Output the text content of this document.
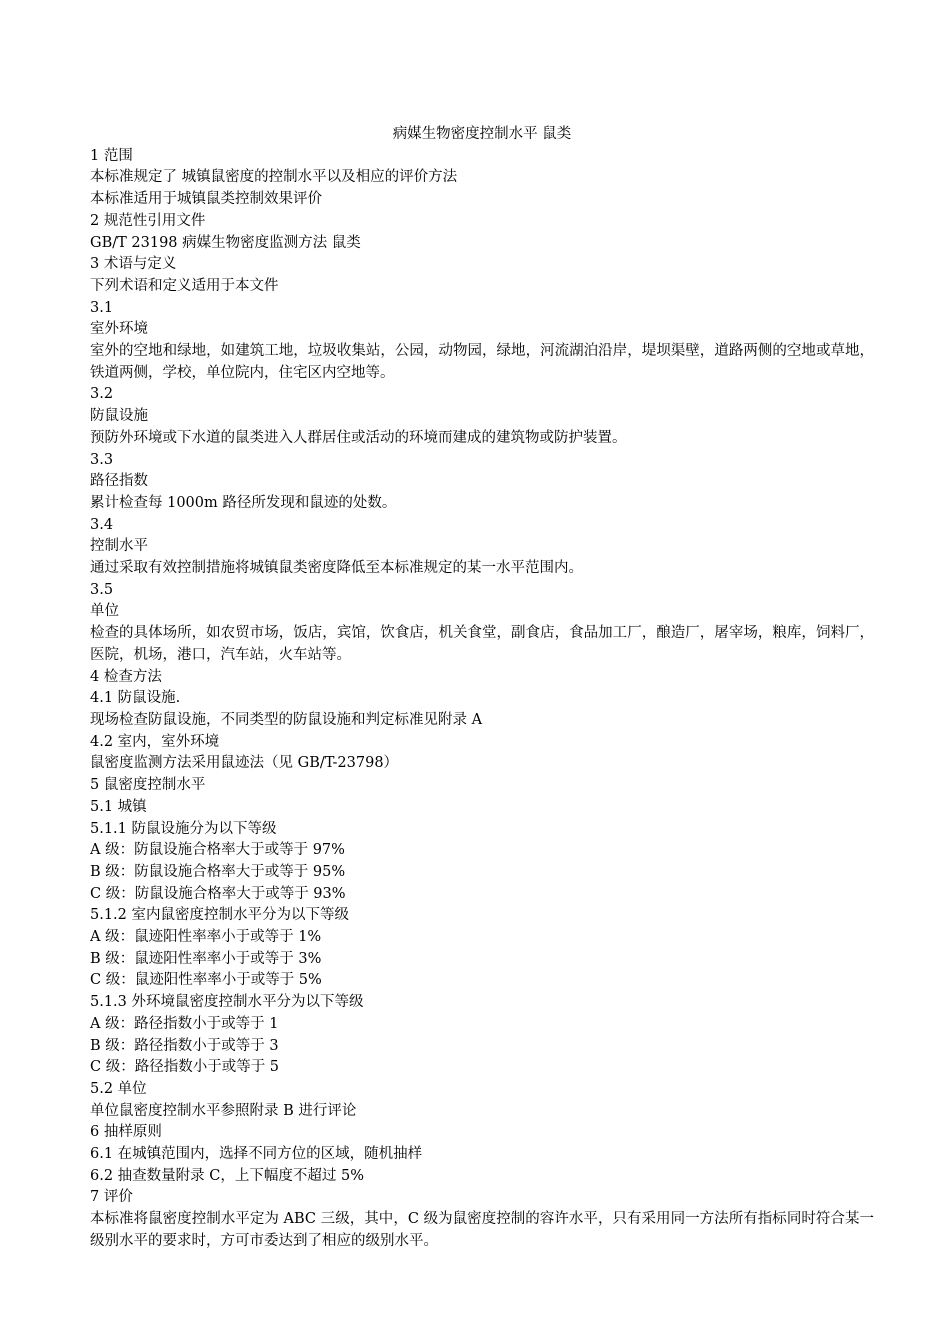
病媒生物密度控制水平 鼠类

1 范围

本标准规定了 城镇鼠密度的控制水平以及相应的评价方法

本标准适用于城镇鼠类控制效果评价

2 规范性引用文件

GB/T 23198 病媒生物密度监测方法 鼠类

3 术语与定义

下列术语和定义适用于本文件

3.1

室外环境

室外的空地和绿地，如建筑工地，垃圾收集站，公园，动物园，绿地，河流湖泊沿岸，堤坝渠壁，道路两侧的空地或草地，铁道两侧，学校，单位院内，住宅区内空地等。

3.2

防鼠设施

预防外环境或下水道的鼠类进入人群居住或活动的环境而建成的建筑物或防护装置。

3.3

路径指数

累计检查每 1000m 路径所发现和鼠迹的处数。

3.4

控制水平

通过采取有效控制措施将城镇鼠类密度降低至本标准规定的某一水平范围内。

3.5

单位

检查的具体场所，如农贸市场，饭店，宾馆，饮食店，机关食堂，副食店，食品加工厂，酿造厂，屠宰场，粮库，饲料厂，医院，机场，港口，汽车站，火车站等。

4 检查方法

4.1 防鼠设施.

现场检查防鼠设施，不同类型的防鼠设施和判定标准见附录 A

4.2 室内，室外环境

鼠密度监测方法采用鼠迹法（见 GB/T-23798）

5 鼠密度控制水平

5.1 城镇

5.1.1 防鼠设施分为以下等级

A 级：防鼠设施合格率大于或等于 97%

B 级：防鼠设施合格率大于或等于 95%

C 级：防鼠设施合格率大于或等于 93%

5.1.2 室内鼠密度控制水平分为以下等级

A 级：鼠迹阳性率率小于或等于 1%

B 级：鼠迹阳性率率小于或等于 3%

C 级：鼠迹阳性率率小于或等于 5%

5.1.3 外环境鼠密度控制水平分为以下等级

A 级：路径指数小于或等于 1

B 级：路径指数小于或等于 3

C 级：路径指数小于或等于 5

5.2 单位

单位鼠密度控制水平参照附录 B 进行评论

6 抽样原则

6.1 在城镇范围内，选择不同方位的区域，随机抽样

6.2 抽查数量附录 C，上下幅度不超过 5%

7 评价

本标准将鼠密度控制水平定为 ABC 三级，其中，C 级为鼠密度控制的容许水平，只有采用同一方法所有指标同时符合某一级别水平的要求时，方可市委达到了相应的级别水平。
